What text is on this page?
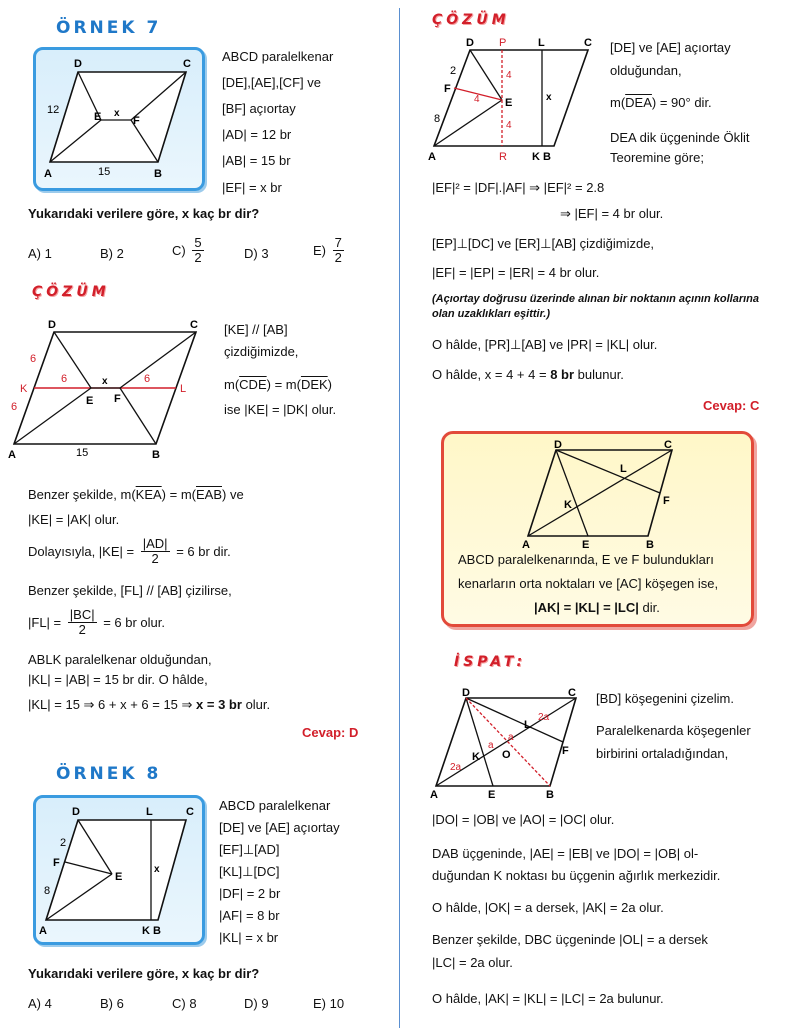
ÖRNEK 7
D	C
A	B
E	F
x
12
15
ABCD paralelkenar
[DE],[AE],[CF] ve
[BF] açıortay
|AD| = 12 br
|AB| = 15 br
|EF| = x br
Yukarıdaki verilere göre, x kaç br dir?
A) 1	B) 2	$C) \frac{5}{2}$	D) 3	$E) \frac{7}{2}$
ÇÖZÜM
D	C
A	B
E F
K	L
x
6	6
6
6
15
[KE] // [AB]
çizdiğimizde,
$m(\overline{CDE}) = m(\overline{DEK})$
ise |KE| = |DK| olur.
Benzer şekilde, $m(\overline{KEA}) = m(\overline{EAB})$ ve
|KE| = |AK| olur.
Dolayısıyla, $|KE| = \frac{|AD|}{2} = 6$ br dir.
Benzer şekilde, [FL] // [AB] çizilirse,
$|FL| = \frac{|BC|}{2} = 6$ br olur.
ABLK paralelkenar olduğundan,
|KL| = |AB| = 15 br dir. O hâlde,
|KL| = 15 ⇒ 6 + x + 6 = 15 ⇒ x = 3 br olur.
Cevap: D
ÖRNEK 8
D	L	C
A	K B
E
F
x
2
8
ABCD paralelkenar
[DE] ve [AE] açıortay
[EF]⊥[AD]
[KL]⊥[DC]
|DF| = 2 br
|AF| = 8 br
|KL| = x br
Yukarıdaki verilere göre, x kaç br dir?
A) 4	B) 6	C) 8	D) 9	E) 10
ÇÖZÜM
D P	L	C
A	R K B
E
F
x
2
8
4
4
4
[DE] ve [AE] açıortay
olduğundan,
$m(\overline{DEA}) = 90^\circ$ dir.
DEA dik üçgeninde Öklit
Teoremine göre;
|EF|² = |DF|.|AF| ⇒ |EF|² = 2.8
⇒ |EF| = 4 br olur.
[EP]⊥[DC] ve [ER]⊥[AB] çizdiğimizde,
|EF| = |EP| = |ER| = 4 br olur.
(Açıortay doğrusu üzerinde alınan bir noktanın açının kollarına olan uzaklıkları eşittir.)
O hâlde, [PR]⊥[AB] ve |PR| = |KL| olur.
O hâlde, x = 4 + 4 = 8 br bulunur.
Cevap: C
D	C
A	E	B
L
K	F
ABCD paralelkenarında, E ve F bulundukları
kenarların orta noktaları ve [AC] köşegen ise,
|AK| = |KL| = |LC| dir.
İSPAT:
D	C
A	E	B
L
K	F
O
a
a
2a
2a
[BD] köşegenini çizelim.
Paralelkenarda köşegenler
birbirini ortaladığından,
|DO| = |OB| ve |AO| = |OC| olur.
DAB üçgeninde, |AE| = |EB| ve |DO| = |OB| ol-
duğundan K noktası bu üçgenin ağırlık merkezidir.
O hâlde, |OK| = a dersek, |AK| = 2a olur.
Benzer şekilde, DBC üçgeninde |OL| = a dersek
|LC| = 2a olur.
O hâlde, |AK| = |KL| = |LC| = 2a bulunur.
